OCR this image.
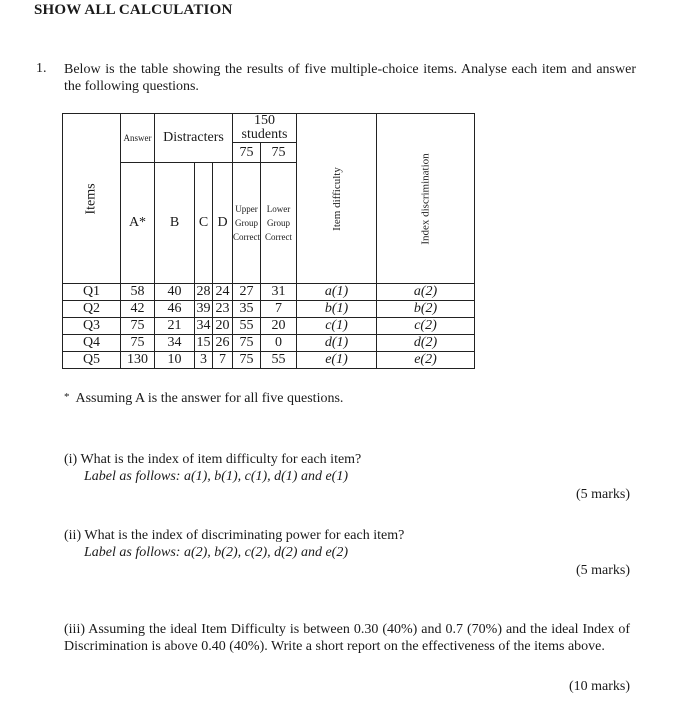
SHOW ALL CALCULATION
1. Below is the table showing the results of five multiple-choice items. Analyse each item and answer the following questions.
Items	Answer	Distracters			150 students		Item difficulty	Index discrimination
					75	75		
	A*	B	C	D	Upper Group Correct	Lower Group Correct		
Q1	58	40	28	24	27	31	a(1)	a(2)
Q2	42	46	39	23	35	7	b(1)	b(2)
Q3	75	21	34	20	55	20	c(1)	c(2)
Q4	75	34	15	26	75	0	d(1)	d(2)
Q5	130	10	3	7	75	55	e(1)	e(2)
* Assuming A is the answer for all five questions.
(i) What is the index of item difficulty for each item?
Label as follows: a(1), b(1), c(1), d(1) and e(1)
(5 marks)
(ii) What is the index of discriminating power for each item?
Label as follows: a(2), b(2), c(2), d(2) and e(2)
(5 marks)
(iii) Assuming the ideal Item Difficulty is between 0.30 (40%) and 0.7 (70%) and the ideal Index of Discrimination is above 0.40 (40%). Write a short report on the effectiveness of the items above.
(10 marks)
